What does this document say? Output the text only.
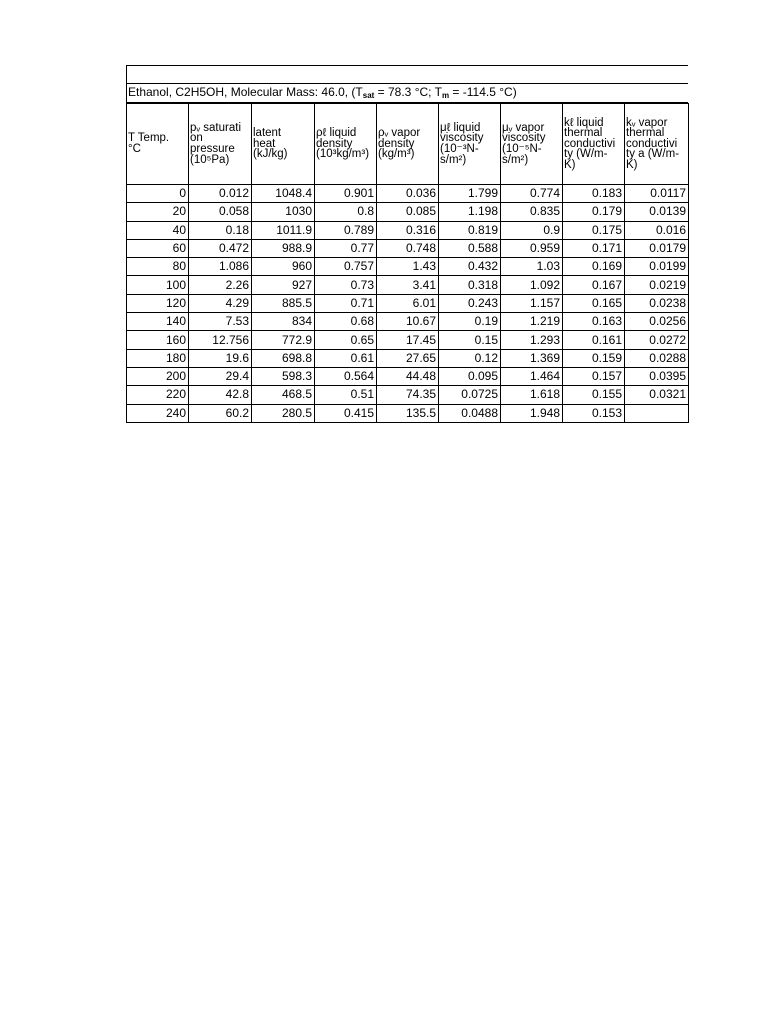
Ethanol, C2H5OH, Molecular Mass: 46.0, ($T_{sat} = 78.3$ °C; $T_m = -114.5$ °C)
T Temp.
°C	pᵥ saturati
on
pressure
(10⁵Pa)	latent
heat
(kJ/kg)	ρℓ liquid
density
(10³kg/m³)	ρᵥ vapor
density
(kg/m³)	μℓ liquid
viscosity
(10⁻³N-
s/m²)	μᵥ vapor
viscosity
(10⁻⁵N-
s/m²)	kℓ liquid
thermal
conductivi
ty (W/m-
K)	kᵥ vapor
thermal
conductivi
ty a (W/m-
K)

0	0.012	1048.4	0.901	0.036	1.799	0.774	0.183	0.0117
20	0.058	1030	0.8	0.085	1.198	0.835	0.179	0.0139
40	0.18	1011.9	0.789	0.316	0.819	0.9	0.175	0.016
60	0.472	988.9	0.77	0.748	0.588	0.959	0.171	0.0179
80	1.086	960	0.757	1.43	0.432	1.03	0.169	0.0199
100	2.26	927	0.73	3.41	0.318	1.092	0.167	0.0219
120	4.29	885.5	0.71	6.01	0.243	1.157	0.165	0.0238
140	7.53	834	0.68	10.67	0.19	1.219	0.163	0.0256
160	12.756	772.9	0.65	17.45	0.15	1.293	0.161	0.0272
180	19.6	698.8	0.61	27.65	0.12	1.369	0.159	0.0288
200	29.4	598.3	0.564	44.48	0.095	1.464	0.157	0.0395
220	42.8	468.5	0.51	74.35	0.0725	1.618	0.155	0.0321
240	60.2	280.5	0.415	135.5	0.0488	1.948	0.153	
